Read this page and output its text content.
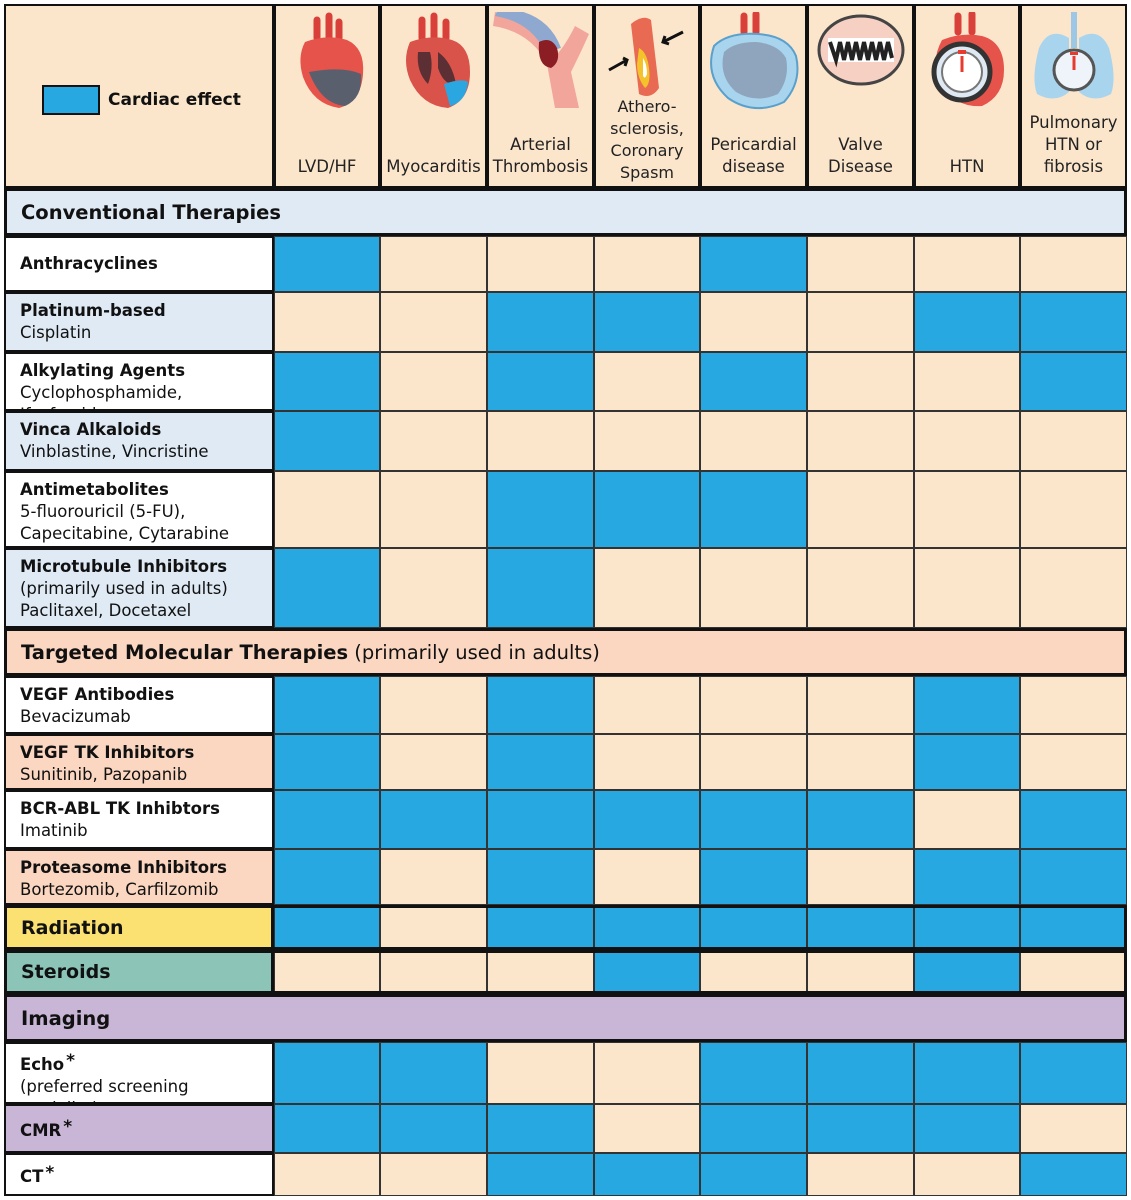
Cardiac effect
LVD/HF	Myocarditis
Arterial
Thrombosis
Athero-
sclerosis,
Coronary
Spasm
Pericardial
disease
Valve
Disease	HTN
Pulmonary
HTN or
fibrosis
Anthracyclines
Platinum-based
Cisplatin
Alkylating Agents
Cyclophosphamide,
Vinca Alkaloids
Vinblastine, Vincristine
Antimetabolites
5-fluorouricil (5-FU),
Capecitabine, Cytarabine
Microtubule Inhibitors
(primarily used in adults)
Paclitaxel, Docetaxel
VEGF Antibodies
Bevacizumab
VEGF TK Inhibitors
Sunitinib, Pazopanib
BCR-ABL TK Inhibtors
Imatinib
Proteasome Inhibitors
Bortezomib, Carfilzomib
Radiation
Steroids
Echo *
(preferred screening
CMR *
CT *
Conventional Therapies
Targeted Molecular Therapies (primarily used in adults)
Imaging
